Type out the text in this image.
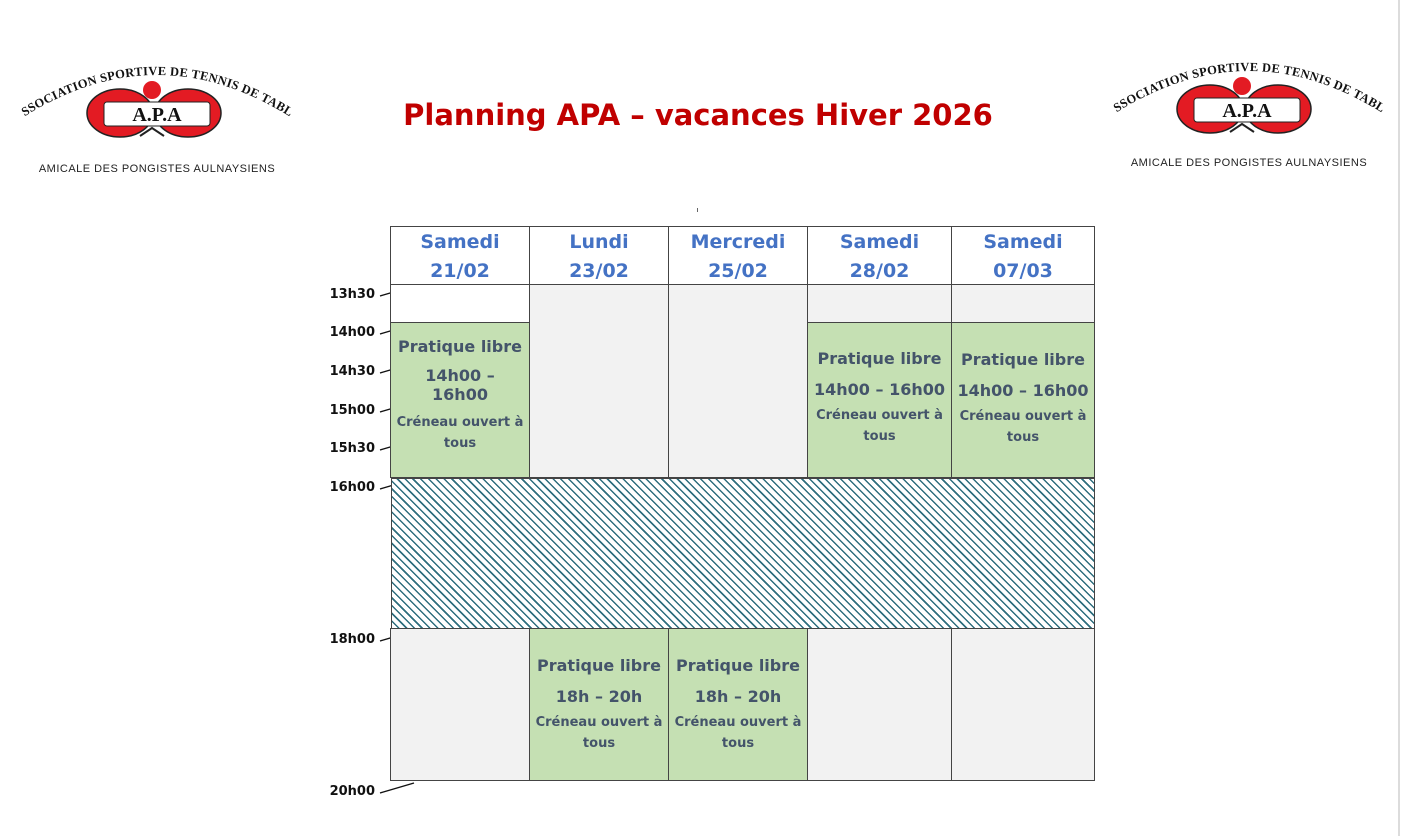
ASSOCIATION SPORTIVE DE TENNIS DE TABLE
A.P.A
AMICALE DES PONGISTES AULNAYSIENS
ASSOCIATION SPORTIVE DE TENNIS DE TABLE
A.P.A
AMICALE DES PONGISTES AULNAYSIENS
Planning APA – vacances Hiver 2026
13h30
14h00
14h30
15h00
15h30
16h00
18h00
20h00
Samedi
21/02
Lundi
23/02
Mercredi
25/02
Samedi
28/02
Samedi
07/03
Pratique libre
14h00 –
16h00
Créneau ouvert à
tous
Pratique libre
14h00 – 16h00
Créneau ouvert à
tous
Pratique libre
14h00 – 16h00
Créneau ouvert à
tous
Pratique libre
18h – 20h
Créneau ouvert à
tous
Pratique libre
18h – 20h
Créneau ouvert à
tous
